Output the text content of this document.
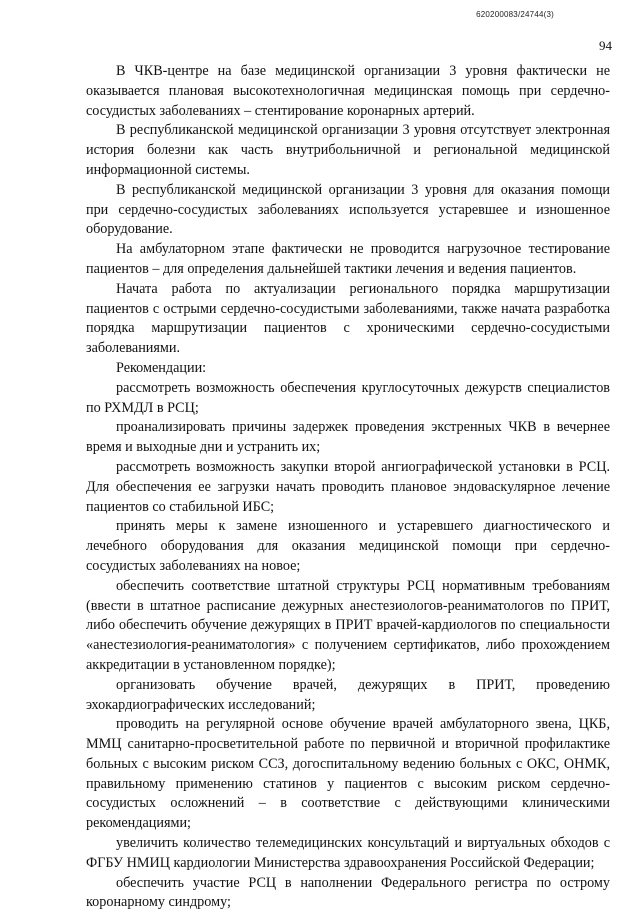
620200083/24744(3)
94

В ЧКВ-центре на базе медицинской организации 3 уровня фактически не оказывается плановая высокотехнологичная медицинская помощь при сердечно-сосудистых заболеваниях – стентирование коронарных артерий.

В республиканской медицинской организации 3 уровня отсутствует электронная история болезни как часть внутрибольничной и региональной медицинской информационной системы.

В республиканской медицинской организации 3 уровня для оказания помощи при сердечно-сосудистых заболеваниях используется устаревшее и изношенное оборудование.

На амбулаторном этапе фактически не проводится нагрузочное тестирование пациентов – для определения дальнейшей тактики лечения и ведения пациентов.

Начата работа по актуализации регионального порядка маршрутизации пациентов с острыми сердечно-сосудистыми заболеваниями, также начата разработка порядка маршрутизации пациентов с хроническими сердечно-сосудистыми заболеваниями.

Рекомендации:

рассмотреть возможность обеспечения круглосуточных дежурств специалистов по РХМДЛ в РСЦ;

проанализировать причины задержек проведения экстренных ЧКВ в вечернее время и выходные дни и устранить их;

рассмотреть возможность закупки второй ангиографической установки в РСЦ. Для обеспечения ее загрузки начать проводить плановое эндоваскулярное лечение пациентов со стабильной ИБС;

принять меры к замене изношенного и устаревшего диагностического и лечебного оборудования для оказания медицинской помощи при сердечно-сосудистых заболеваниях на новое;

обеспечить соответствие штатной структуры РСЦ нормативным требованиям (ввести в штатное расписание дежурных анестезиологов-реаниматологов по ПРИТ, либо обеспечить обучение дежурящих в ПРИТ врачей-кардиологов по специальности «анестезиология-реаниматология» с получением сертификатов, либо прохождением аккредитации в установленном порядке);

организовать обучение врачей, дежурящих в ПРИТ, проведению эхокардиографических исследований;

проводить на регулярной основе обучение врачей амбулаторного звена, ЦКБ, ММЦ санитарно-просветительной работе по первичной и вторичной профилактике больных с высоким риском ССЗ, догоспитальному ведению больных с ОКС, ОНМК, правильному применению статинов у пациентов с высоким риском сердечно-сосудистых осложнений – в соответствие с действующими клиническими рекомендациями;

увеличить количество телемедицинских консультаций и виртуальных обходов с ФГБУ НМИЦ кардиологии Министерства здравоохранения Российской Федерации;

обеспечить участие РСЦ в наполнении Федерального регистра по острому коронарному синдрому;
